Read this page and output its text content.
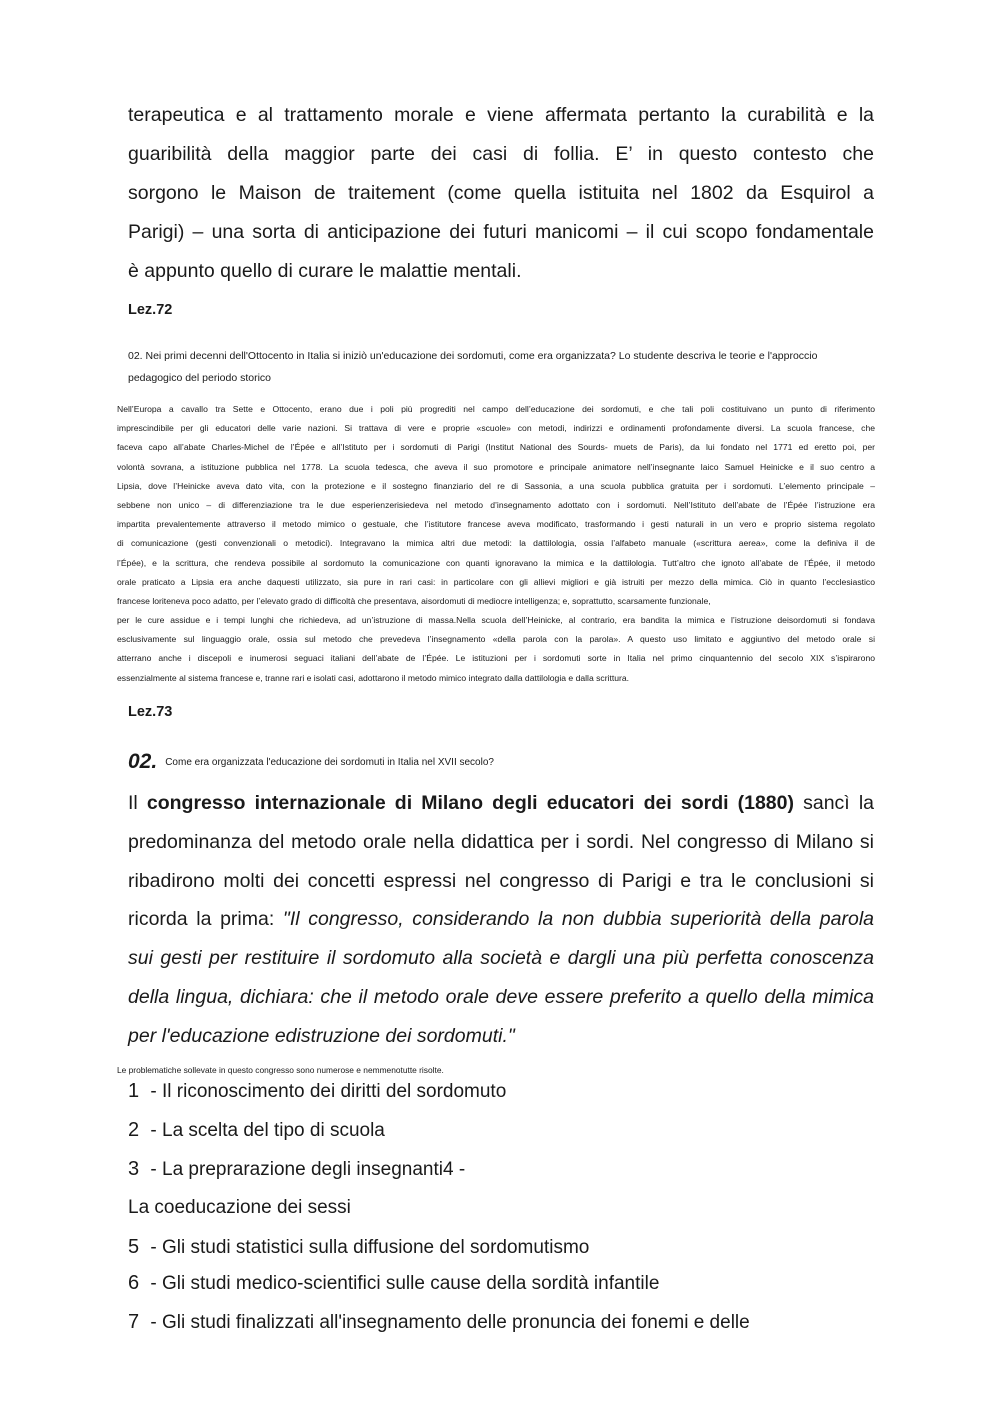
terapeutica e al trattamento morale e viene affermata pertanto la curabilità e la
guaribilità della maggior parte dei casi di follia. E’ in questo contesto che
sorgono le Maison de traitement (come quella istituita nel 1802 da Esquirol a
Parigi) – una sorta di anticipazione dei futuri manicomi – il cui scopo fondamentale
è appunto quello di curare le malattie mentali.

Lez.72

02. Nei primi decenni dell'Ottocento in Italia si iniziò un'educazione dei sordomuti, come era organizzata? Lo studente descriva le teorie e l'approccio
pedagogico del periodo storico

Nell’Europa a cavallo tra Sette e Ottocento, erano due i poli più progrediti nel campo dell’educazione dei sordomuti, e che tali poli costituivano un punto di riferimento
imprescindibile per gli educatori delle varie nazioni. Si trattava di vere e proprie «scuole» con metodi, indirizzi e ordinamenti profondamente diversi. La scuola francese, che
faceva capo all’abate Charles-Michel de l’Épée e all’Istituto per i sordomuti di Parigi (Institut National des Sourds- muets de Paris), da lui fondato nel 1771 ed eretto poi, per
volontà sovrana, a istituzione pubblica nel 1778. La scuola tedesca, che aveva il suo promotore e principale animatore nell’insegnante laico Samuel Heinicke e il suo centro a
Lipsia, dove l’Heinicke aveva dato vita, con la protezione e il sostegno finanziario del re di Sassonia, a una scuola pubblica gratuita per i sordomuti. L’elemento principale –
sebbene non unico – di differenziazione tra le due esperienzerisiedeva nel metodo d’insegnamento adottato con i sordomuti. Nell’Istituto dell’abate de l’Épée l’istruzione era
impartita prevalentemente attraverso il metodo mimico o gestuale, che l’istitutore francese aveva modificato, trasformando i gesti naturali in un vero e proprio sistema regolato
di comunicazione (gesti convenzionali o metodici). Integravano la mimica altri due metodi: la dattilologia, ossia l’alfabeto manuale («scrittura aerea», come la definiva il de
l’Épée), e la scrittura, che rendeva possibile al sordomuto la comunicazione con quanti ignoravano la mimica e la dattilologia. Tutt’altro che ignoto all’abate de l’Épée, il metodo
orale praticato a Lipsia era anche daquesti utilizzato, sia pure in rari casi: in particolare con gli allievi migliori e già istruiti per mezzo della mimica. Ciò in quanto l’ecclesiastico
francese loriteneva poco adatto, per l’elevato grado di difficoltà che presentava, aisordomuti di mediocre intelligenza; e, soprattutto, scarsamente funzionale,

per le cure assidue e i tempi lunghi che richiedeva, ad un’istruzione di massa.Nella scuola dell’Heinicke, al contrario, era bandita la mimica e l’istruzione deisordomuti si fondava
esclusivamente sul linguaggio orale, ossia sul metodo che prevedeva l’insegnamento «della parola con la parola». A questo uso limitato e aggiuntivo del metodo orale si
atterrano anche i discepoli e inumerosi seguaci italiani dell’abate de l’Épée. Le istituzioni per i sordomuti sorte in Italia nel primo cinquantennio del secolo XIX s’ispirarono
essenzialmente al sistema francese e, tranne rari e isolati casi, adottarono il metodo mimico integrato dalla dattilologia e dalla scrittura.

Lez.73

02. Come era organizzata l'educazione dei sordomuti in Italia nel XVII secolo?

Il congresso internazionale di Milano degli educatori dei sordi (1880) sancì la
predominanza del metodo orale nella didattica per i sordi. Nel congresso di Milano si
ribadirono molti dei concetti espressi nel congresso di Parigi e tra le conclusioni si
ricorda la prima: "Il congresso, considerando la non dubbia superiorità della parola
sui gesti per restituire il sordomuto alla società e dargli una più perfetta conoscenza
della lingua, dichiara: che il metodo orale deve essere preferito a quello della mimica
per l'educazione edistruzione dei sordomuti."

Le problematiche sollevate in questo congresso sono numerose e nemmenotutte risolte.

1 - Il riconoscimento dei diritti del sordomuto
2 - La scelta del tipo di scuola
3 - La preprarazione degli insegnanti4 -
La coeducazione dei sessi
5 - Gli studi statistici sulla diffusione del sordomutismo
6 - Gli studi medico-scientifici sulle cause della sordità infantile
7 - Gli studi finalizzati all'insegnamento delle pronuncia dei fonemi e delle
